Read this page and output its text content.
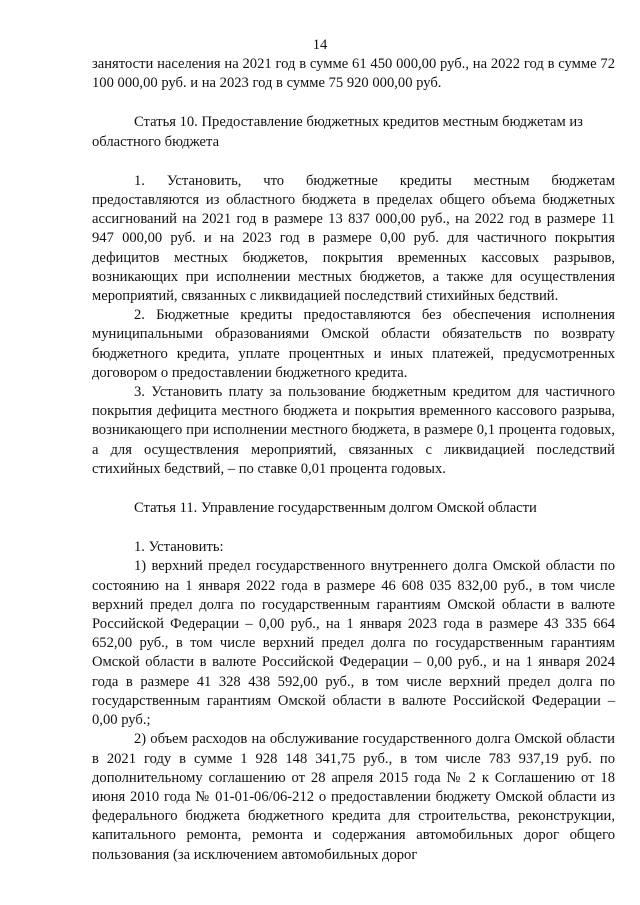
14

занятости населения на 2021 год в сумме 61 450 000,00 руб., на 2022 год в сумме 72 100 000,00 руб. и на 2023 год в сумме 75 920 000,00 руб.

Статья 10. Предоставление бюджетных кредитов местным бюджетам из областного бюджета

1. Установить, что бюджетные кредиты местным бюджетам предоставляются из областного бюджета в пределах общего объема бюджетных ассигнований на 2021 год в размере 13 837 000,00 руб., на 2022 год в размере 11 947 000,00 руб. и на 2023 год в размере 0,00 руб. для частичного покрытия дефицитов местных бюджетов, покрытия временных кассовых разрывов, возникающих при исполнении местных бюджетов, а также для осуществления мероприятий, связанных с ликвидацией последствий стихийных бедствий.

2. Бюджетные кредиты предоставляются без обеспечения исполнения муниципальными образованиями Омской области обязательств по возврату бюджетного кредита, уплате процентных и иных платежей, предусмотренных договором о предоставлении бюджетного кредита.

3. Установить плату за пользование бюджетным кредитом для частичного покрытия дефицита местного бюджета и покрытия временного кассового разрыва, возникающего при исполнении местного бюджета, в размере 0,1 процента годовых, а для осуществления мероприятий, связанных с ликвидацией последствий стихийных бедствий, – по ставке 0,01 процента годовых.

Статья 11. Управление государственным долгом Омской области

1. Установить:

1) верхний предел государственного внутреннего долга Омской области по состоянию на 1 января 2022 года в размере 46 608 035 832,00 руб., в том числе верхний предел долга по государственным гарантиям Омской области в валюте Российской Федерации – 0,00 руб., на 1 января 2023 года в размере 43 335 664 652,00 руб., в том числе верхний предел долга по государственным гарантиям Омской области в валюте Российской Федерации – 0,00 руб., и на 1 января 2024 года в размере 41 328 438 592,00 руб., в том числе верхний предел долга по государственным гарантиям Омской области в валюте Российской Федерации – 0,00 руб.;

2) объем расходов на обслуживание государственного долга Омской области в 2021 году в сумме 1 928 148 341,75 руб., в том числе 783 937,19 руб. по дополнительному соглашению от 28 апреля 2015 года № 2 к Соглашению от 18 июня 2010 года № 01-01-06/06-212 о предоставлении бюджету Омской области из федерального бюджета бюджетного кредита для строительства, реконструкции, капитального ремонта, ремонта и содержания автомобильных дорог общего пользования (за исключением автомобильных дорог
